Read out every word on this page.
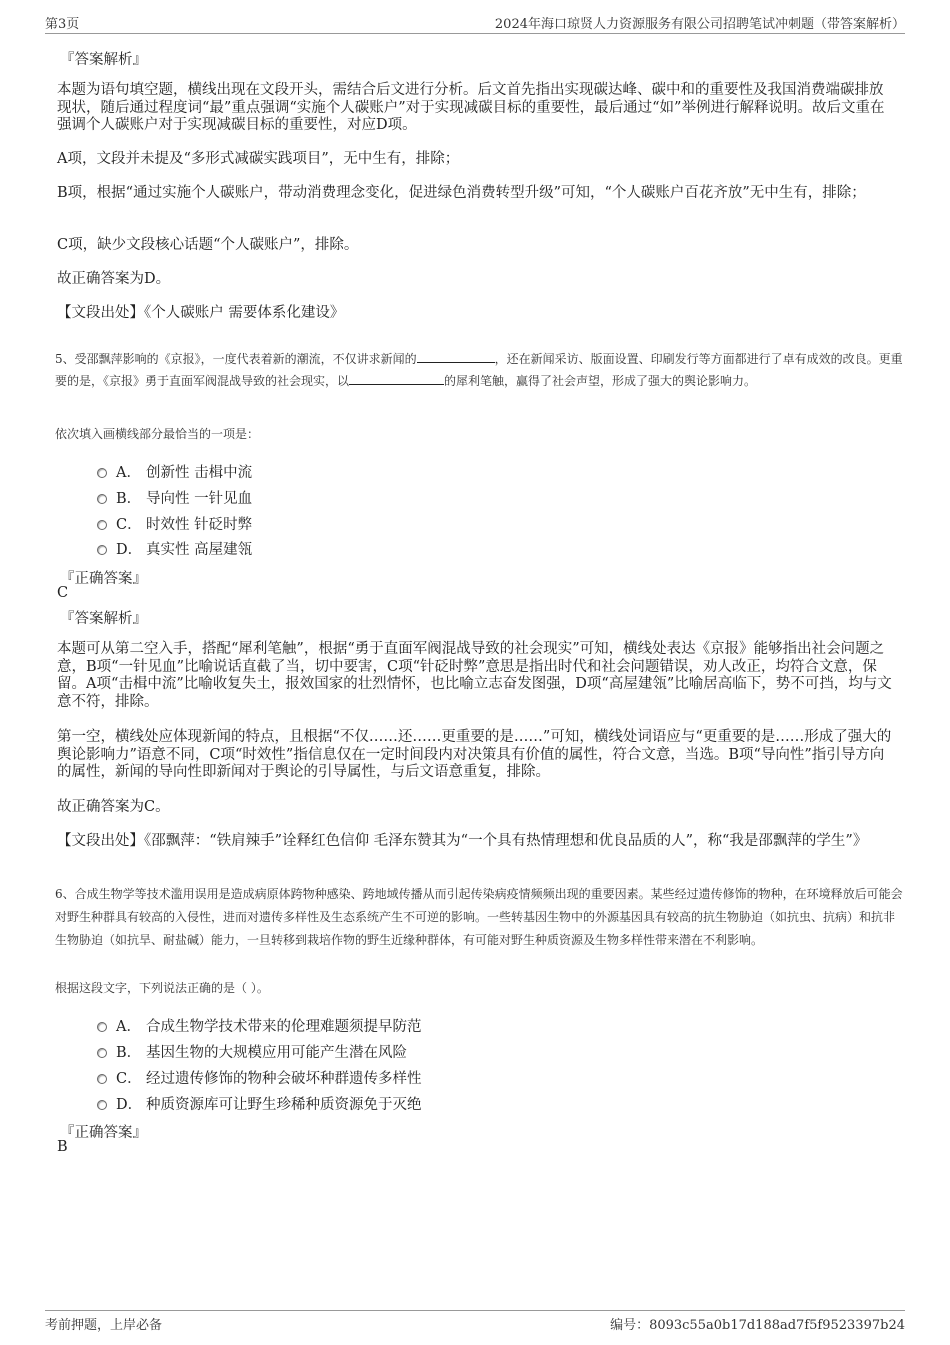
第3页	2024年海口琼贤人力资源服务有限公司招聘笔试冲刺题（带答案解析）
『答案解析』
本题为语句填空题，横线出现在文段开头，需结合后文进行分析。后文首先指出实现碳达峰、碳中和的重要性及我国消费端碳排放现状，随后通过程度词“最”重点强调“实施个人碳账户”对于实现减碳目标的重要性，最后通过“如”举例进行解释说明。故后文重在强调个人碳账户对于实现减碳目标的重要性，对应D项。
A项，文段并未提及“多形式减碳实践项目”，无中生有，排除；
B项，根据“通过实施个人碳账户，带动消费理念变化，促进绿色消费转型升级”可知，“个人碳账户百花齐放”无中生有，排除；
C项，缺少文段核心话题“个人碳账户”，排除。
故正确答案为D。
【文段出处】《个人碳账户 需要体系化建设》
5、受邵飘萍影响的《京报》，一度代表着新的潮流，不仅讲求新闻的	，还在新闻采访、版面设置、印刷发行等方面都进行了卓有成效的改良。更重要的是，《京报》勇于直面军阀混战导致的社会现实，以	的犀利笔触，赢得了社会声望，形成了强大的舆论影响力。
依次填入画横线部分最恰当的一项是：
A． 创新性 击楫中流
B． 导向性 一针见血
C． 时效性 针砭时弊
D． 真实性 高屋建瓴
『正确答案』
C
『答案解析』
本题可从第二空入手，搭配“犀利笔触”，根据“勇于直面军阀混战导致的社会现实”可知，横线处表达《京报》能够指出社会问题之意，B项“一针见血”比喻说话直截了当，切中要害，C项“针砭时弊”意思是指出时代和社会问题错误，劝人改正，均符合文意，保留。A项“击楫中流”比喻收复失土，报效国家的壮烈情怀，也比喻立志奋发图强，D项“高屋建瓴”比喻居高临下，势不可挡，均与文意不符，排除。
第一空，横线处应体现新闻的特点，且根据“不仅……还……更重要的是……”可知，横线处词语应与“更重要的是……形成了强大的舆论影响力”语意不同，C项“时效性”指信息仅在一定时间段内对决策具有价值的属性，符合文意，当选。B项“导向性”指引导方向的属性，新闻的导向性即新闻对于舆论的引导属性，与后文语意重复，排除。
故正确答案为C。
【文段出处】《邵飘萍：“铁肩辣手”诠释红色信仰 毛泽东赞其为“一个具有热情理想和优良品质的人”，称“我是邵飘萍的学生”》
6、合成生物学等技术滥用误用是造成病原体跨物种感染、跨地域传播从而引起传染病疫情频频出现的重要因素。某些经过遗传修饰的物种，在环境释放后可能会对野生种群具有较高的入侵性，进而对遗传多样性及生态系统产生不可逆的影响。一些转基因生物中的外源基因具有较高的抗生物胁迫（如抗虫、抗病）和抗非生物胁迫（如抗旱、耐盐碱）能力，一旦转移到栽培作物的野生近缘种群体，有可能对野生种质资源及生物多样性带来潜在不利影响。
根据这段文字，下列说法正确的是（ ）。
A． 合成生物学技术带来的伦理难题须提早防范
B． 基因生物的大规模应用可能产生潜在风险
C． 经过遗传修饰的物种会破坏种群遗传多样性
D． 种质资源库可让野生珍稀种质资源免于灭绝
『正确答案』
B
考前押题，上岸必备	编号：8093c55a0b17d188ad7f5f9523397b24
